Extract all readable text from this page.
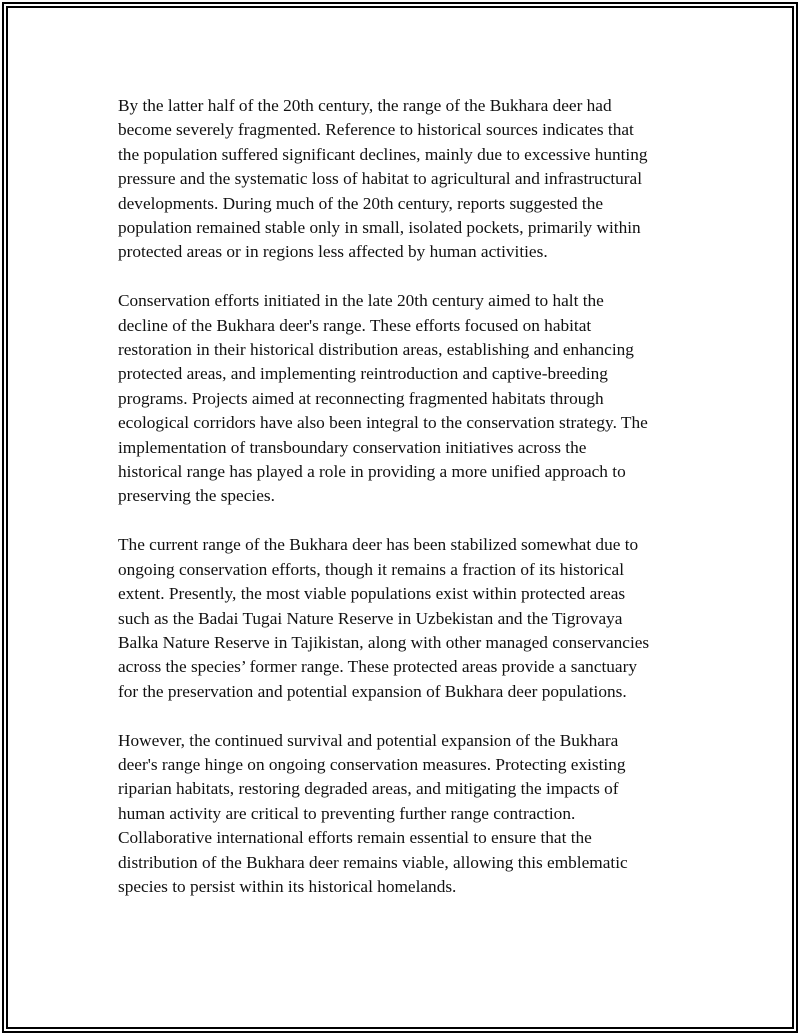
By the latter half of the 20th century, the range of the Bukhara deer had
become severely fragmented. Reference to historical sources indicates that
the population suffered significant declines, mainly due to excessive hunting
pressure and the systematic loss of habitat to agricultural and infrastructural
developments. During much of the 20th century, reports suggested the
population remained stable only in small, isolated pockets, primarily within
protected areas or in regions less affected by human activities.

Conservation efforts initiated in the late 20th century aimed to halt the
decline of the Bukhara deer's range. These efforts focused on habitat
restoration in their historical distribution areas, establishing and enhancing
protected areas, and implementing reintroduction and captive-breeding
programs. Projects aimed at reconnecting fragmented habitats through
ecological corridors have also been integral to the conservation strategy. The
implementation of transboundary conservation initiatives across the
historical range has played a role in providing a more unified approach to
preserving the species.

The current range of the Bukhara deer has been stabilized somewhat due to
ongoing conservation efforts, though it remains a fraction of its historical
extent. Presently, the most viable populations exist within protected areas
such as the Badai Tugai Nature Reserve in Uzbekistan and the Tigrovaya
Balka Nature Reserve in Tajikistan, along with other managed conservancies
across the species’ former range. These protected areas provide a sanctuary
for the preservation and potential expansion of Bukhara deer populations.

However, the continued survival and potential expansion of the Bukhara
deer's range hinge on ongoing conservation measures. Protecting existing
riparian habitats, restoring degraded areas, and mitigating the impacts of
human activity are critical to preventing further range contraction.
Collaborative international efforts remain essential to ensure that the
distribution of the Bukhara deer remains viable, allowing this emblematic
species to persist within its historical homelands.
